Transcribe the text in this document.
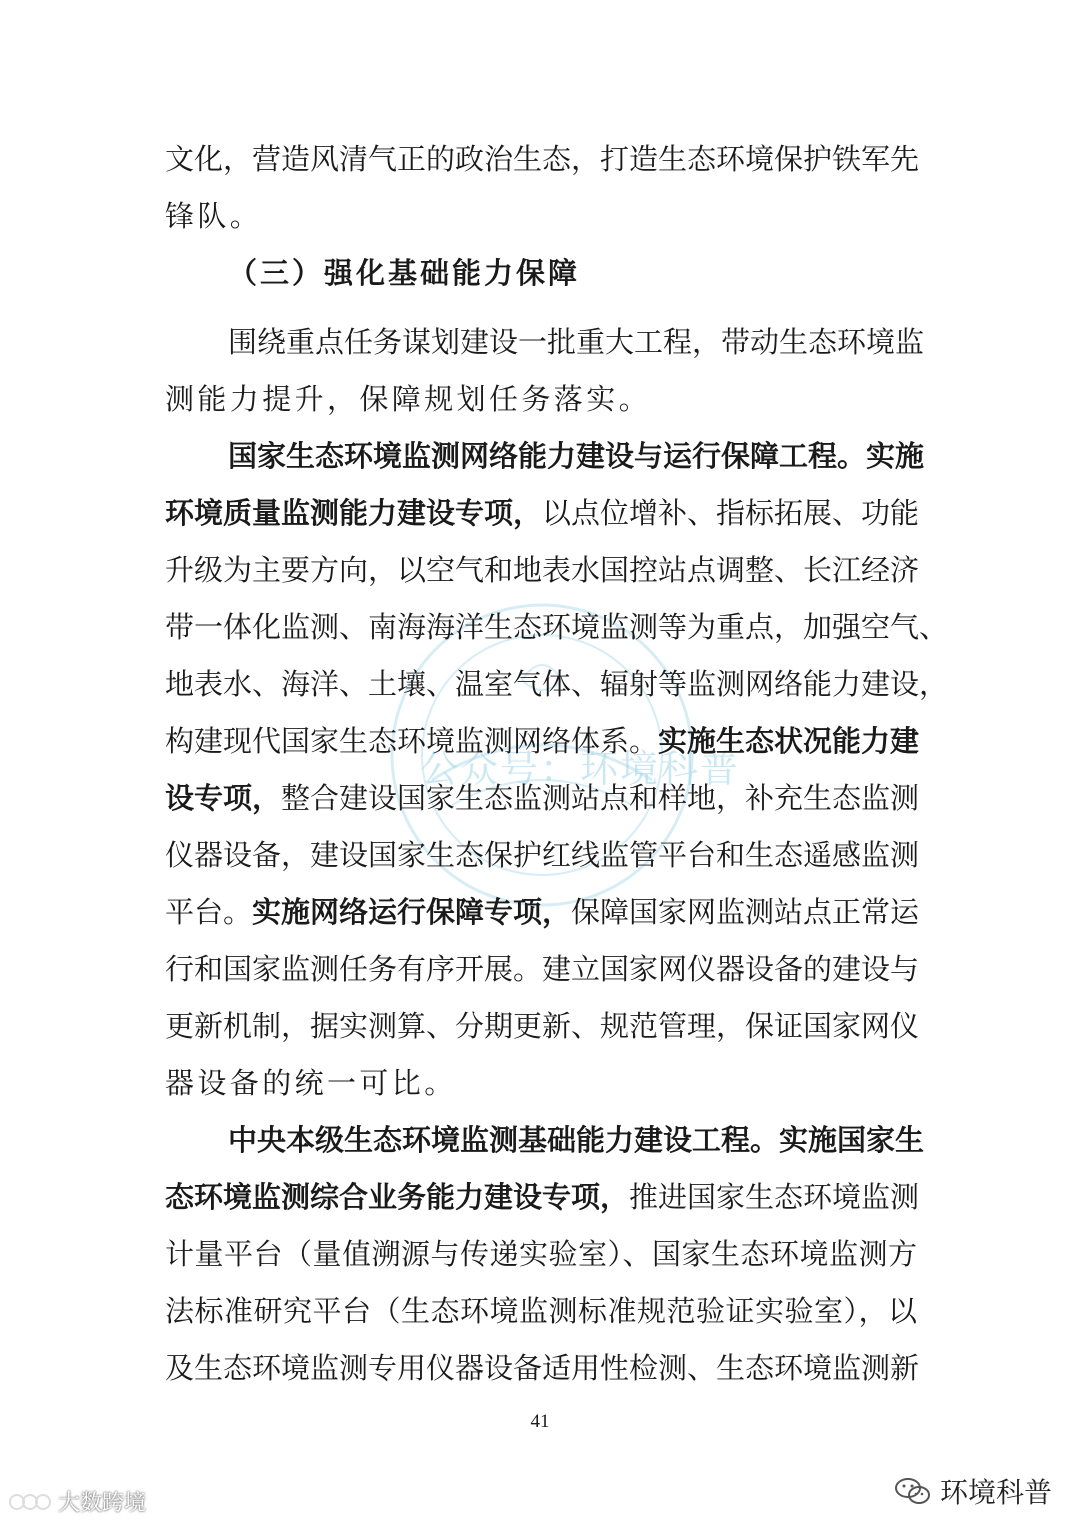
公众号：环境科普
文化，营造风清气正的政治生态，打造生态环境保护铁军先
锋队。
（三）强化基础能力保障
围绕重点任务谋划建设一批重大工程，带动生态环境监
测能力提升，保障规划任务落实。
国家生态环境监测网络能力建设与运行保障工程。实施
环境质量监测能力建设专项，以点位增补、指标拓展、功能
升级为主要方向，以空气和地表水国控站点调整、长江经济
带一体化监测、南海海洋生态环境监测等为重点，加强空气、
地表水、海洋、土壤、温室气体、辐射等监测网络能力建设，
构建现代国家生态环境监测网络体系。实施生态状况能力建
设专项，整合建设国家生态监测站点和样地，补充生态监测
仪器设备，建设国家生态保护红线监管平台和生态遥感监测
平台。实施网络运行保障专项，保障国家网监测站点正常运
行和国家监测任务有序开展。建立国家网仪器设备的建设与
更新机制，据实测算、分期更新、规范管理，保证国家网仪
器设备的统一可比。
中央本级生态环境监测基础能力建设工程。实施国家生
态环境监测综合业务能力建设专项，推进国家生态环境监测
计量平台（量值溯源与传递实验室）、国家生态环境监测方
法标准研究平台（生态环境监测标准规范验证实验室），以
及生态环境监测专用仪器设备适用性检测、生态环境监测新
41
环境科普
大数跨境
